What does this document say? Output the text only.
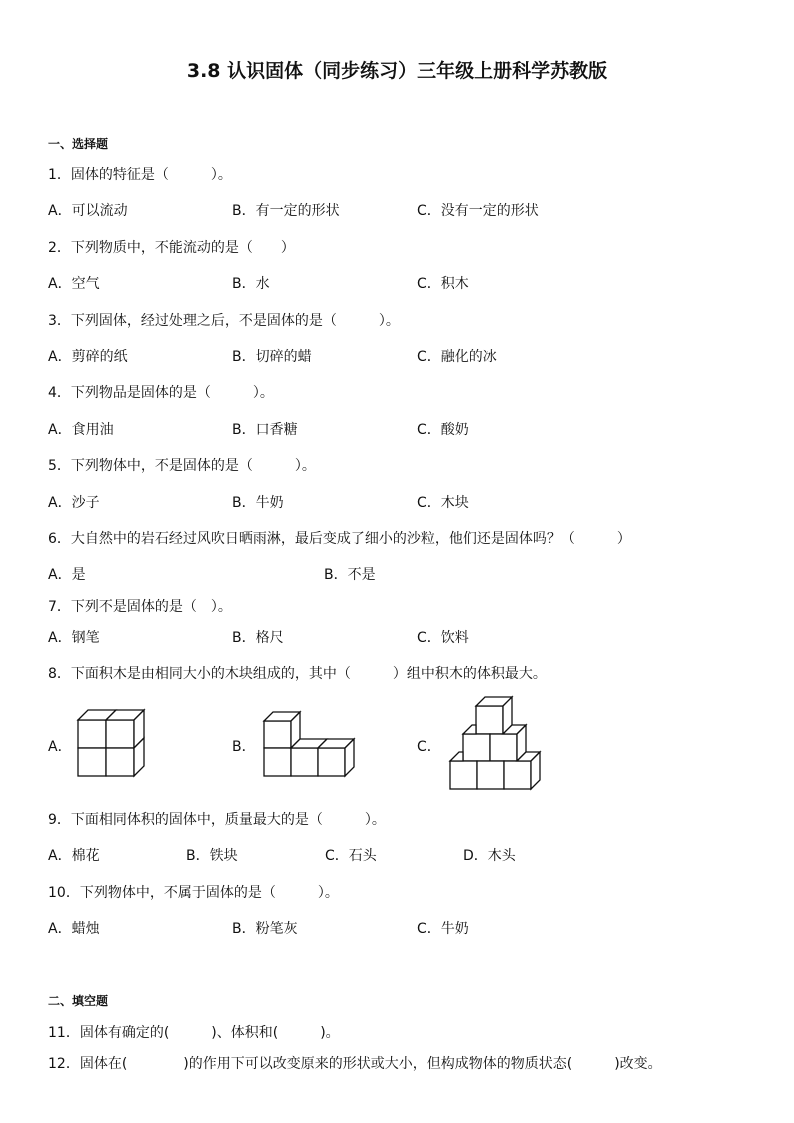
3.8 认识固体（同步练习）三年级上册科学苏教版
一、选择题
1．固体的特征是（　　　）。
A．可以流动	B．有一定的形状	C．没有一定的形状
2．下列物质中，不能流动的是（　　）
A．空气	B．水	C．积木
3．下列固体，经过处理之后，不是固体的是（　　　）。
A．剪碎的纸	B．切碎的蜡	C．融化的冰
4．下列物品是固体的是（　　　）。
A．食用油	B．口香糖	C．酸奶
5．下列物体中，不是固体的是（　　　）。
A．沙子	B．牛奶	C．木块
6．大自然中的岩石经过风吹日晒雨淋，最后变成了细小的沙粒，他们还是固体吗？（　　　）
A．是	B．不是
7．下列不是固体的是（　）。
A．钢笔	B．格尺	C．饮料
8．下面积木是由相同大小的木块组成的，其中（　　　）组中积木的体积最大。
A．	B．	C．
9．下面相同体积的固体中，质量最大的是（　　　）。
A．棉花	B．铁块	C．石头	D．木头
10．下列物体中，不属于固体的是（　　　）。
A．蜡烛	B．粉笔灰	C．牛奶
二、填空题
11．固体有确定的(　　　)、体积和(　　　)。
12．固体在(　　　　)的作用下可以改变原来的形状或大小，但构成物体的物质状态(　　　)改变。
